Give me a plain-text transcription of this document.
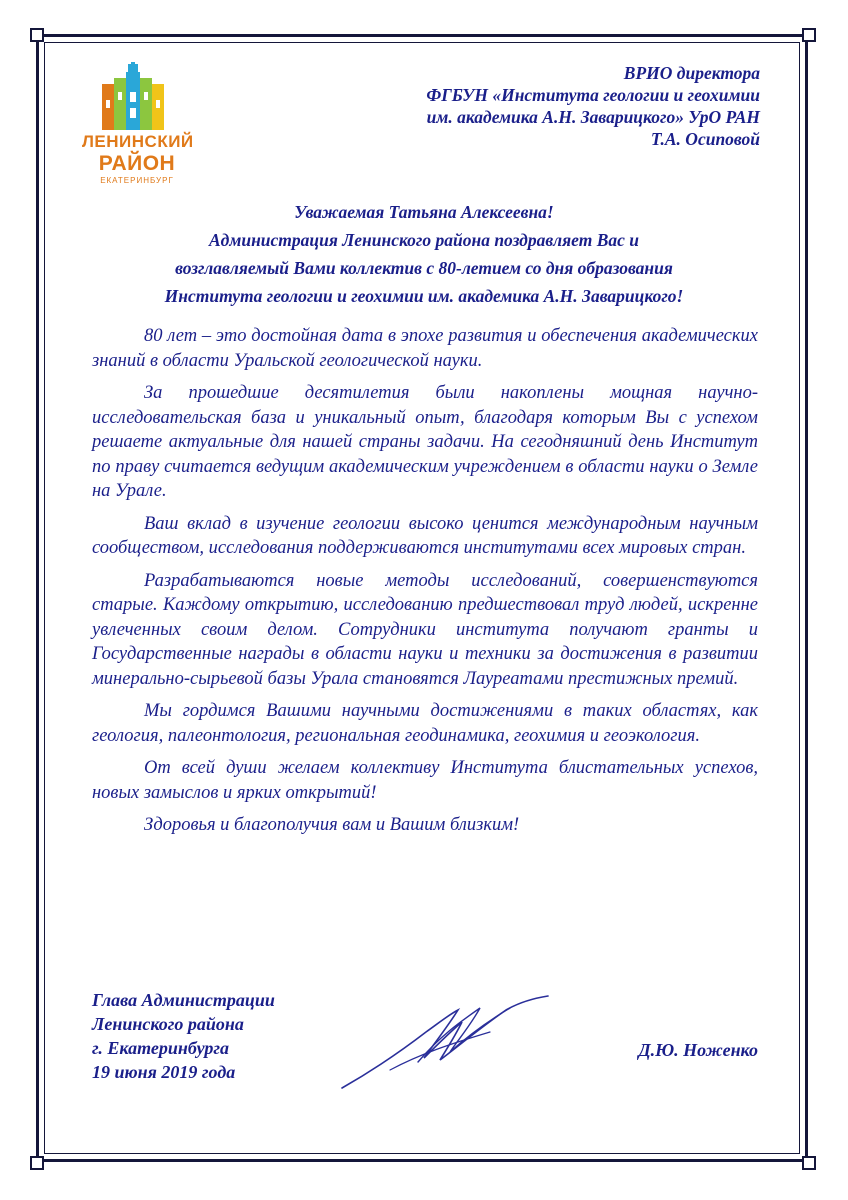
ЛЕНИНСКИЙ
РАЙОН
ЕКАТЕРИНБУРГ
ВРИО директора
ФГБУН «Института геологии и геохимии
им. академика А.Н. Заварицкого» УрО РАН
Т.А. Осиповой
Уважаемая Татьяна Алексеевна!
Администрация Ленинского района поздравляет Вас и
возглавляемый Вами коллектив с 80-летием со дня образования
Института геологии и геохимии им. академика А.Н. Заварицкого!

80 лет – это достойная дата в эпохе развития и обеспечения академических знаний в области Уральской геологической науки.

За прошедшие десятилетия были накоплены мощная научно-исследовательская база и уникальный опыт, благодаря которым Вы с успехом решаете актуальные для нашей страны задачи. На сегодняшний день Институт по праву считается ведущим академическим учреждением в области науки о Земле на Урале.

Ваш вклад в изучение геологии высоко ценится международным научным сообществом, исследования поддерживаются институтами всех мировых стран.

Разрабатываются новые методы исследований, совершенствуются старые. Каждому открытию, исследованию предшествовал труд людей, искренне увлеченных своим делом. Сотрудники института получают гранты и Государственные награды в области науки и техники за достижения в развитии минерально-сырьевой базы Урала становятся Лауреатами престижных премий.

Мы гордимся Вашими научными достижениями в таких областях, как геология, палеонтология, региональная геодинамика, геохимия и геоэкология.

От всей души желаем коллективу Института блистательных успехов, новых замыслов и ярких открытий!

Здоровья и благополучия вам и Вашим близким!

Глава Администрации
Ленинского района
г. Екатеринбурга
19 июня 2019 года
Д.Ю. Ноженко
